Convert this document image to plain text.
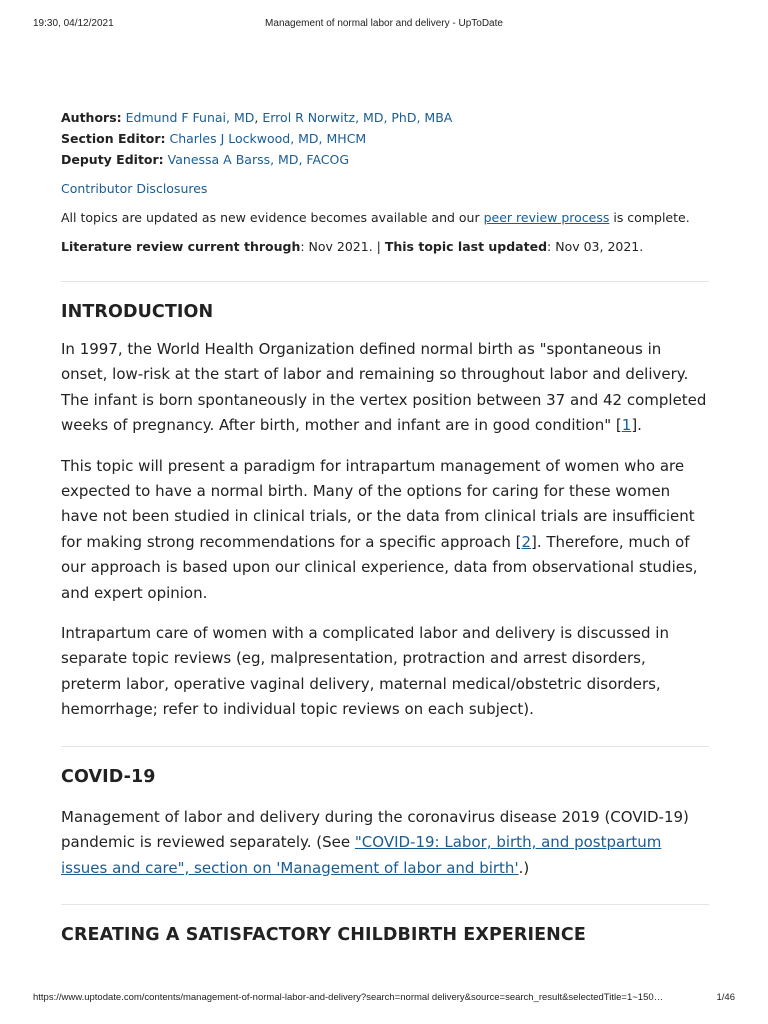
19:30, 04/12/2021	Management of normal labor and delivery - UpToDate
Authors: Edmund F Funai, MD, Errol R Norwitz, MD, PhD, MBA
Section Editor: Charles J Lockwood, MD, MHCM
Deputy Editor: Vanessa A Barss, MD, FACOG
Contributor Disclosures
All topics are updated as new evidence becomes available and our peer review process is complete.
Literature review current through: Nov 2021. | This topic last updated: Nov 03, 2021.
INTRODUCTION

In 1997, the World Health Organization defined normal birth as "spontaneous in onset, low-risk at the start of labor and remaining so throughout labor and delivery. The infant is born spontaneously in the vertex position between 37 and 42 completed weeks of pregnancy. After birth, mother and infant are in good condition" [1].

This topic will present a paradigm for intrapartum management of women who are expected to have a normal birth. Many of the options for caring for these women have not been studied in clinical trials, or the data from clinical trials are insufficient for making strong recommendations for a specific approach [2]. Therefore, much of our approach is based upon our clinical experience, data from observational studies, and expert opinion.

Intrapartum care of women with a complicated labor and delivery is discussed in separate topic reviews (eg, malpresentation, protraction and arrest disorders, preterm labor, operative vaginal delivery, maternal medical/obstetric disorders, hemorrhage; refer to individual topic reviews on each subject).

COVID-19

Management of labor and delivery during the coronavirus disease 2019 (COVID-19) pandemic is reviewed separately. (See "COVID-19: Labor, birth, and postpartum issues and care", section on 'Management of labor and birth'.)

CREATING A SATISFACTORY CHILDBIRTH EXPERIENCE
https://www.uptodate.com/contents/management-of-normal-labor-and-delivery?search=normal delivery&source=search_result&selectedTitle=1~150…	1/46
